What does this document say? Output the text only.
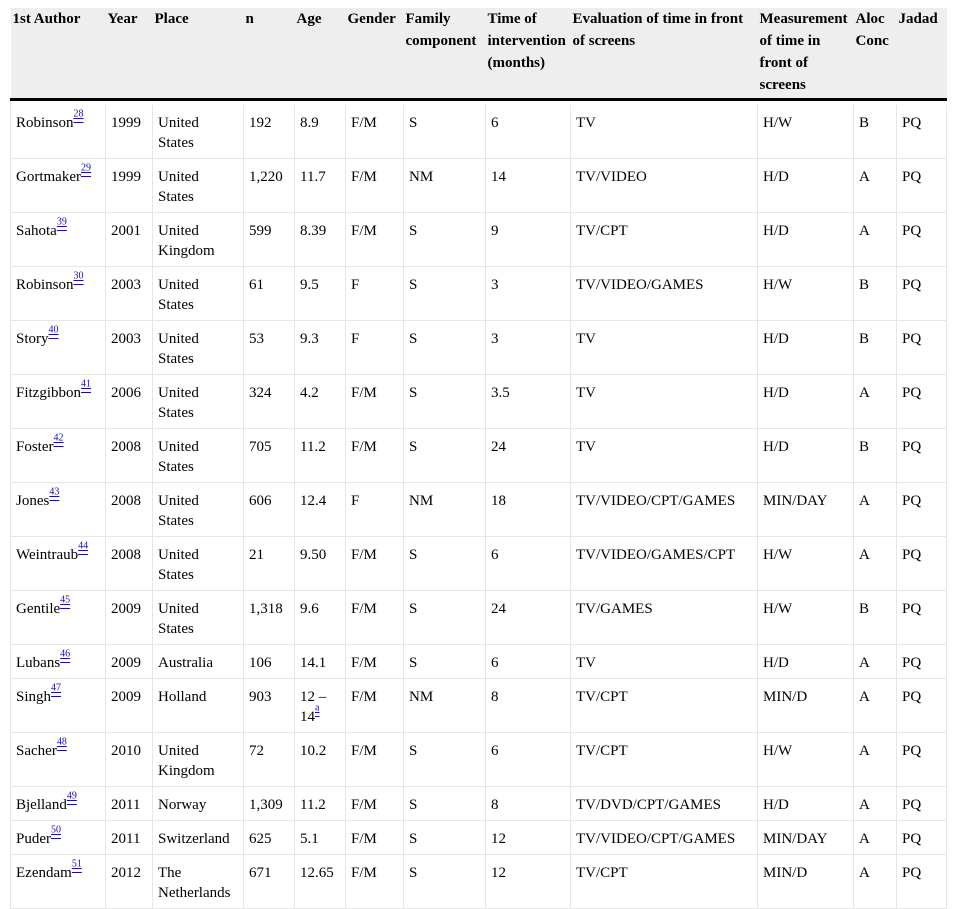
1st Author	Year	Place	n	Age	Gender	Family component	Time of intervention (months)	Evaluation of time in front of screens	Measurement of time in front of screens	Aloc Conc	Jadad

Robinson$^{28}$	1999	United States	192	8.9	F/M	S	6	TV	H/W	B	PQ
Gortmaker$^{29}$	1999	United States	1,220	11.7	F/M	NM	14	TV/VIDEO	H/D	A	PQ
Sahota$^{39}$	2001	United Kingdom	599	8.39	F/M	S	9	TV/CPT	H/D	A	PQ
Robinson$^{30}$	2003	United States	61	9.5	F	S	3	TV/VIDEO/GAMES	H/W	B	PQ
Story$^{40}$	2003	United States	53	9.3	F	S	3	TV	H/D	B	PQ
Fitzgibbon$^{41}$	2006	United States	324	4.2	F/M	S	3.5	TV	H/D	A	PQ
Foster$^{42}$	2008	United States	705	11.2	F/M	S	24	TV	H/D	B	PQ
Jones$^{43}$	2008	United States	606	12.4	F	NM	18	TV/VIDEO/CPT/GAMES	MIN/DAY	A	PQ
Weintraub$^{44}$	2008	United States	21	9.50	F/M	S	6	TV/VIDEO/GAMES/CPT	H/W	A	PQ
Gentile$^{45}$	2009	United States	1,318	9.6	F/M	S	24	TV/GAMES	H/W	B	PQ
Lubans$^{46}$	2009	Australia	106	14.1	F/M	S	6	TV	H/D	A	PQ
Singh$^{47}$	2009	Holland	903	12 – 14$^a$	F/M	NM	8	TV/CPT	MIN/D	A	PQ
Sacher$^{48}$	2010	United Kingdom	72	10.2	F/M	S	6	TV/CPT	H/W	A	PQ
Bjelland$^{49}$	2011	Norway	1,309	11.2	F/M	S	8	TV/DVD/CPT/GAMES	H/D	A	PQ
Puder$^{50}$	2011	Switzerland	625	5.1	F/M	S	12	TV/VIDEO/CPT/GAMES	MIN/DAY	A	PQ
Ezendam$^{51}$	2012	The Netherlands	671	12.65	F/M	S	12	TV/CPT	MIN/D	A	PQ
